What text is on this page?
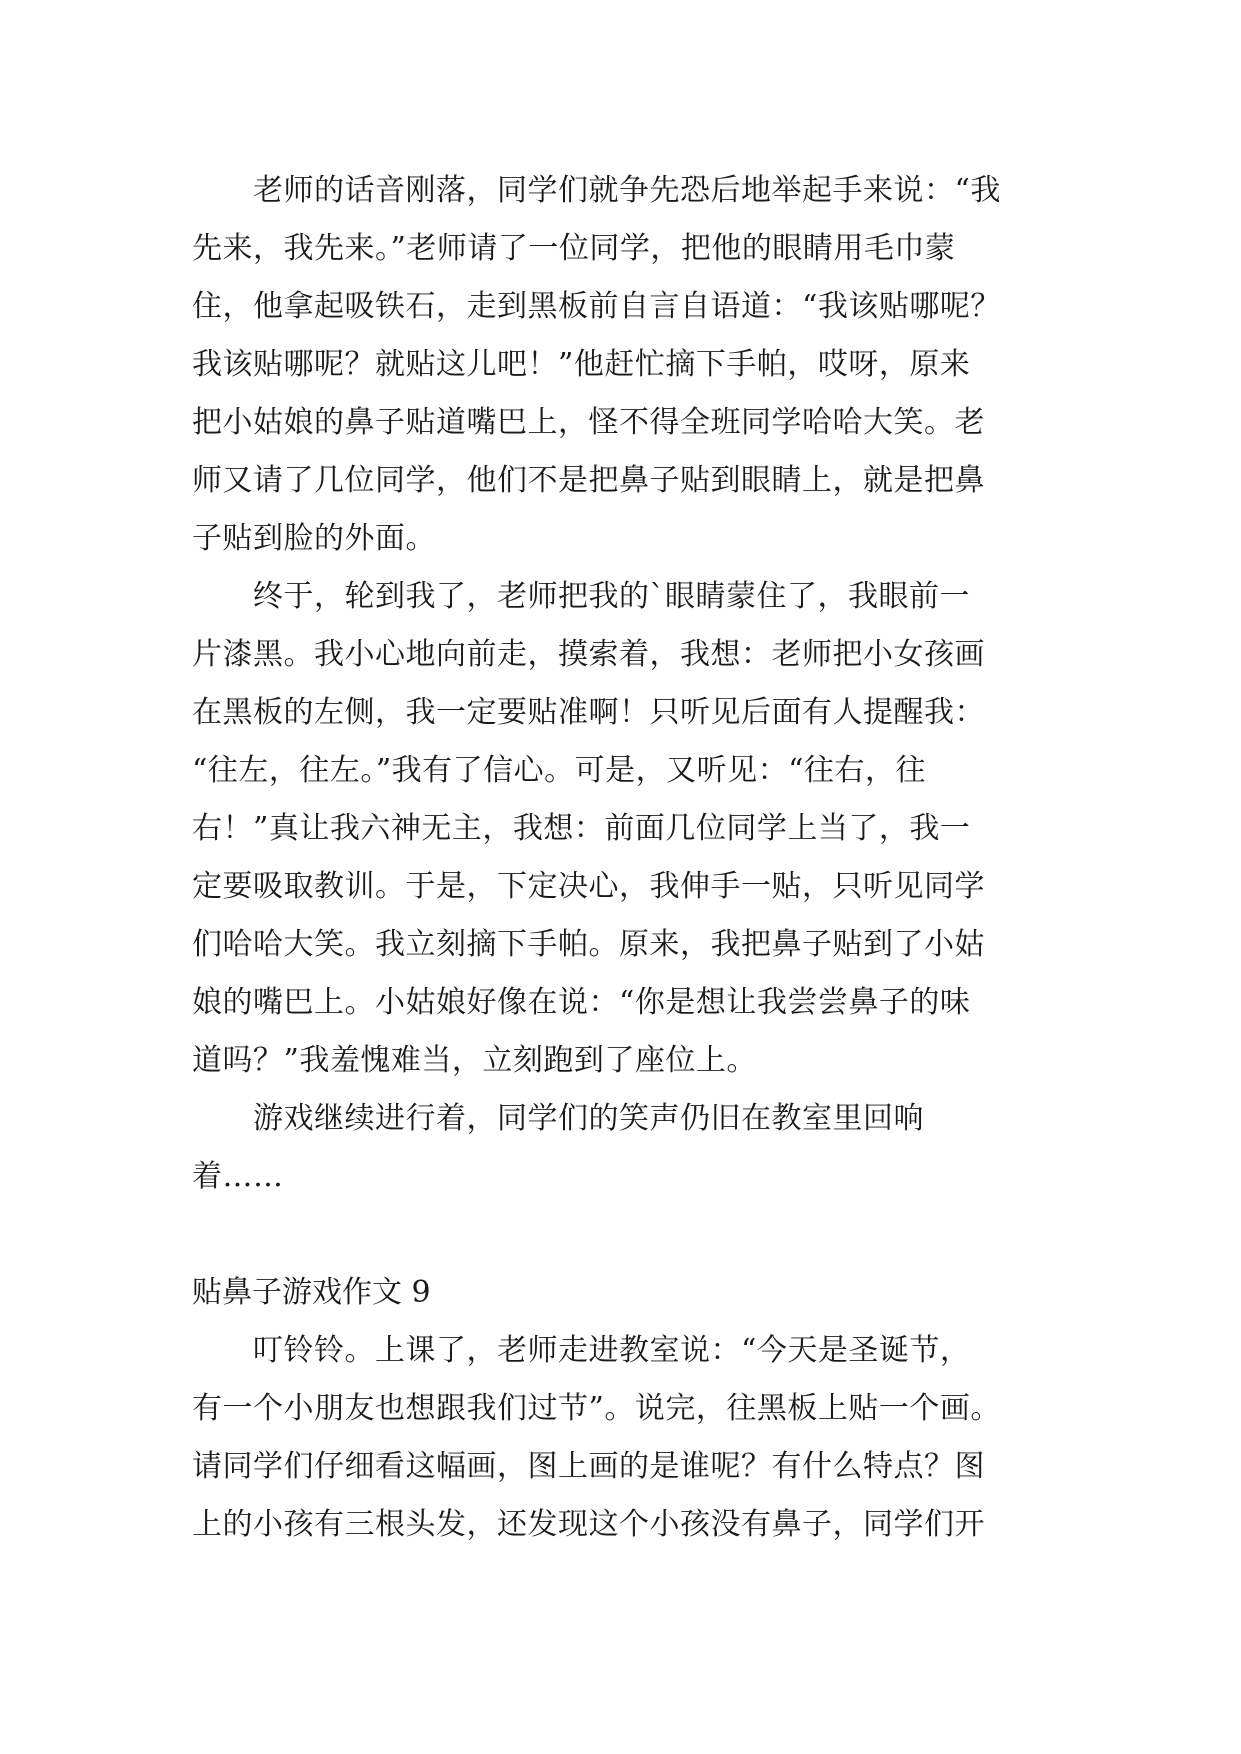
　　老师的话音刚落，同学们就争先恐后地举起手来说：“我
先来，我先来。”老师请了一位同学，把他的眼睛用毛巾蒙
住，他拿起吸铁石，走到黑板前自言自语道：“我该贴哪呢？
我该贴哪呢？就贴这儿吧！”他赶忙摘下手帕，哎呀，原来
把小姑娘的鼻子贴道嘴巴上，怪不得全班同学哈哈大笑。老
师又请了几位同学，他们不是把鼻子贴到眼睛上，就是把鼻
子贴到脸的外面。
　　终于，轮到我了，老师把我的`眼睛蒙住了，我眼前一
片漆黑。我小心地向前走，摸索着，我想：老师把小女孩画
在黑板的左侧，我一定要贴准啊！只听见后面有人提醒我：
“往左，往左。”我有了信心。可是，又听见：“往右，往
右！”真让我六神无主，我想：前面几位同学上当了，我一
定要吸取教训。于是，下定决心，我伸手一贴，只听见同学
们哈哈大笑。我立刻摘下手帕。原来，我把鼻子贴到了小姑
娘的嘴巴上。小姑娘好像在说：“你是想让我尝尝鼻子的味
道吗？”我羞愧难当，立刻跑到了座位上。
　　游戏继续进行着，同学们的笑声仍旧在教室里回响
着……
贴鼻子游戏作文 9
　　叮铃铃。上课了，老师走进教室说：“今天是圣诞节，
有一个小朋友也想跟我们过节”。说完，往黑板上贴一个画。
请同学们仔细看这幅画，图上画的是谁呢？有什么特点？图
上的小孩有三根头发，还发现这个小孩没有鼻子，同学们开
